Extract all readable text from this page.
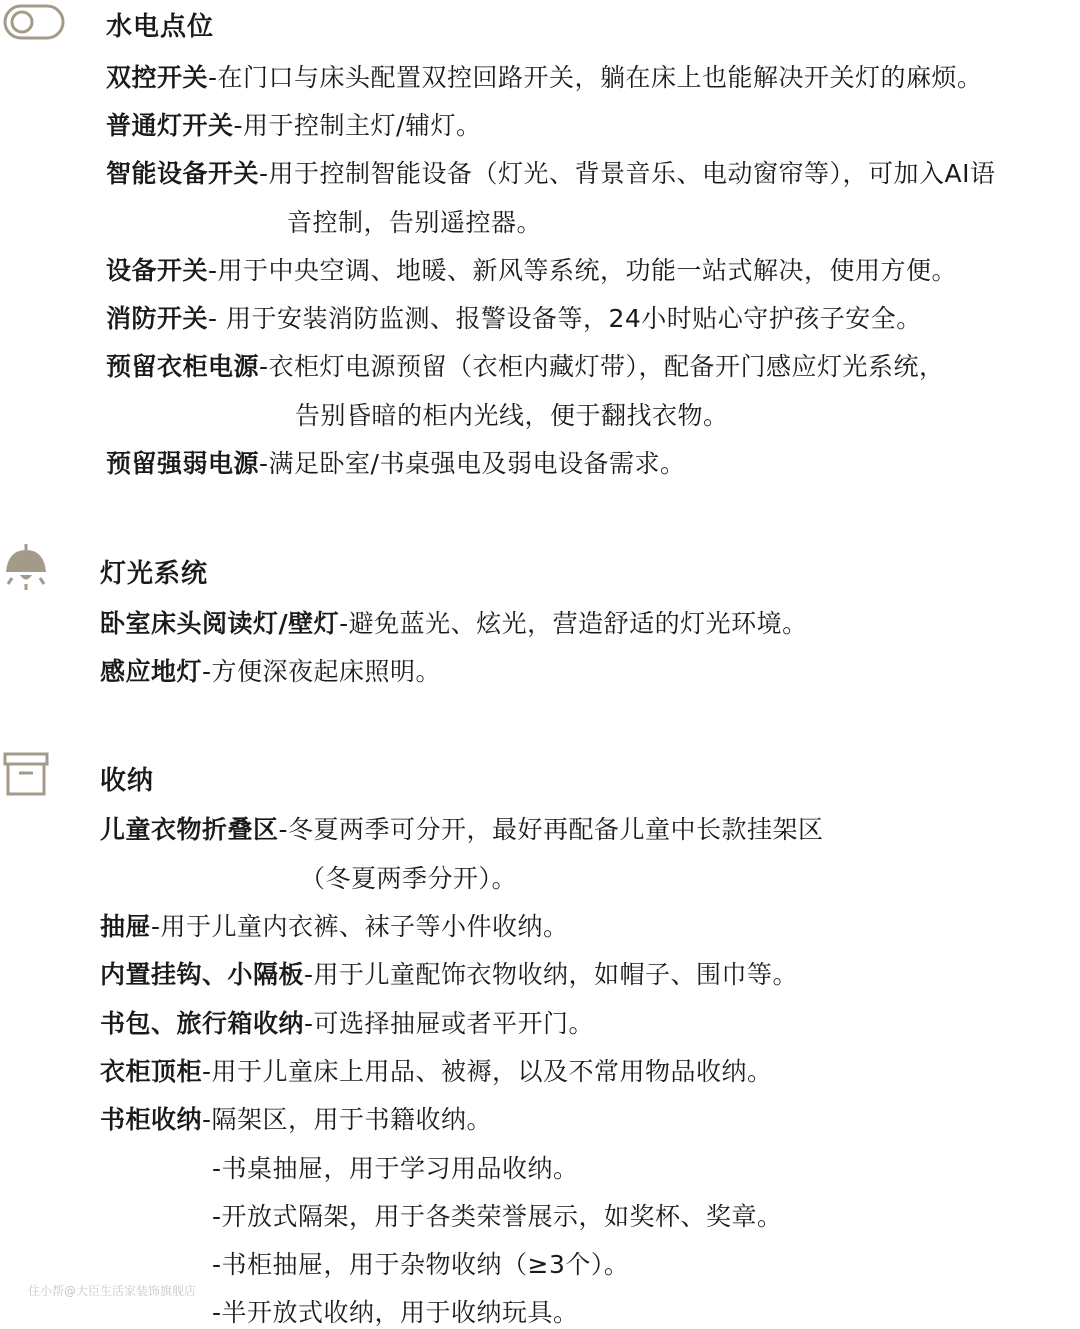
水电点位
双控开关-在门口与床头配置双控回路开关，躺在床上也能解决开关灯的麻烦。
普通灯开关-用于控制主灯/辅灯。
智能设备开关-用于控制智能设备（灯光、背景音乐、电动窗帘等），可加入AI语
音控制，告别遥控器。
设备开关-用于中央空调、地暖、新风等系统，功能一站式解决，使用方便。
消防开关- 用于安装消防监测、报警设备等，24小时贴心守护孩子安全。
预留衣柜电源-衣柜灯电源预留（衣柜内藏灯带），配备开门感应灯光系统，
告别昏暗的柜内光线，便于翻找衣物。
预留强弱电源-满足卧室/书桌强电及弱电设备需求。
灯光系统
卧室床头阅读灯/壁灯-避免蓝光、炫光，营造舒适的灯光环境。
感应地灯-方便深夜起床照明。
收纳
儿童衣物折叠区-冬夏两季可分开，最好再配备儿童中长款挂架区
（冬夏两季分开）。
抽屉-用于儿童内衣裤、袜子等小件收纳。
内置挂钩、小隔板-用于儿童配饰衣物收纳，如帽子、围巾等。
书包、旅行箱收纳-可选择抽屉或者平开门。
衣柜顶柜-用于儿童床上用品、被褥，以及不常用物品收纳。
书柜收纳-隔架区，用于书籍收纳。
-书桌抽屉，用于学习用品收纳。
-开放式隔架，用于各类荣誉展示，如奖杯、奖章。
-书柜抽屉，用于杂物收纳（≥3个）。
-半开放式收纳，用于收纳玩具。
住小帮@大臣生活家装饰旗舰店
